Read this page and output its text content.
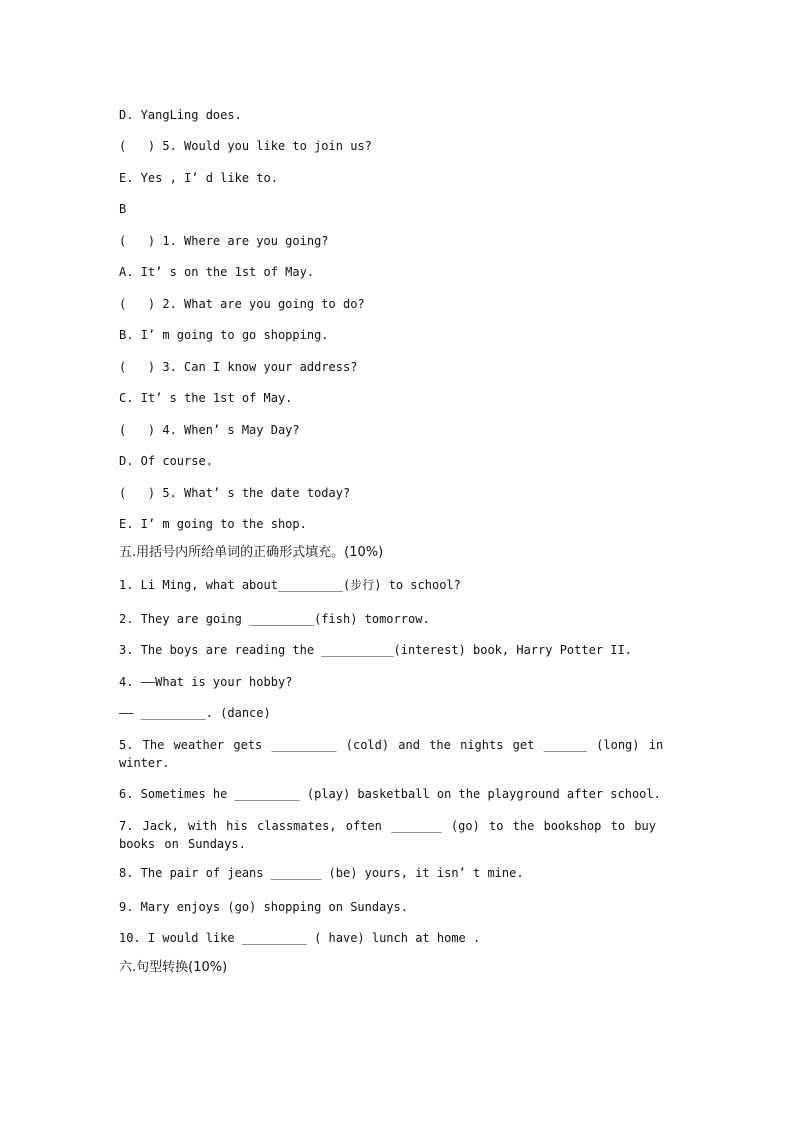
D. YangLing does.
(   ) 5. Would you like to join us?
E. Yes , I’ d like to.
B
(   ) 1. Where are you going?
A. It’ s on the 1st of May.
(   ) 2. What are you going to do?
B. I’ m going to go shopping.
(   ) 3. Can I know your address?
C. It’ s the 1st of May.
(   ) 4. When’ s May Day?
D. Of course.
(   ) 5. What’ s the date today?
E. I’ m going to the shop.
五.用括号内所给单词的正确形式填充。(10%)
1. Li Ming, what about_________(步行) to school?
2. They are going _________(fish) tomorrow.
3. The boys are reading the __________(interest) book, Harry Potter II.
4. ——What is your hobby?
—— _________. (dance)
5. The weather gets _________ (cold) and the nights get ______ (long) in winter.
6. Sometimes he _________ (play) basketball on the playground after school.
7. Jack, with his classmates, often _______ (go) to the bookshop to buy books on Sundays.
8. The pair of jeans _______ (be) yours, it isn’ t mine.
9. Mary enjoys (go) shopping on Sundays.
10. I would like _________ ( have) lunch at home .
六.句型转换(10%)
